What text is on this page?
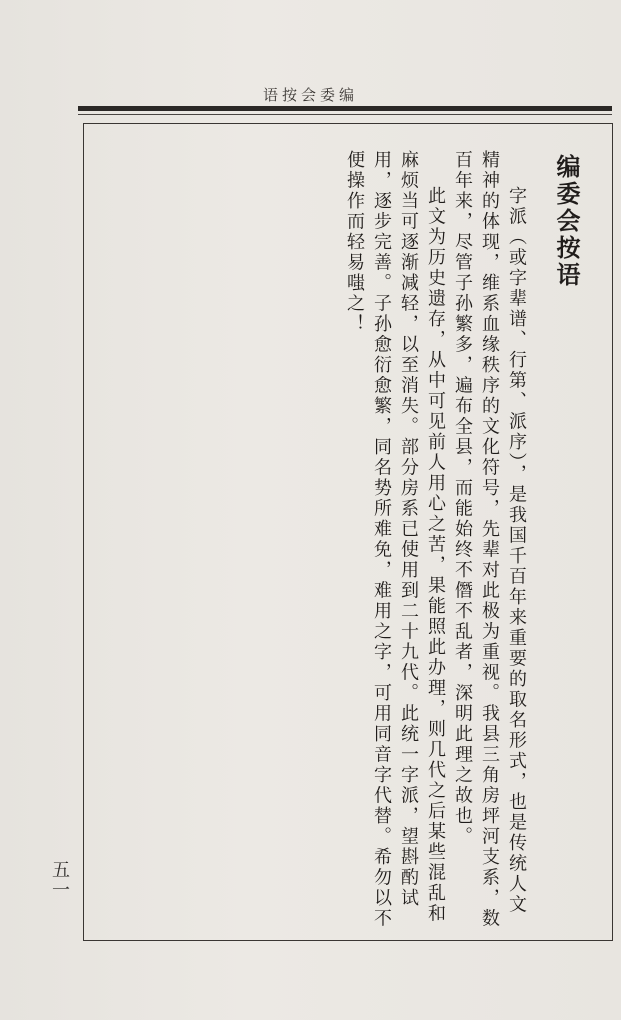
语按会委编
编委会按语
字派（或字辈谱、行第、派序），是我国千百年来重要的取名形式，也是传统人文精神的体现，维系血缘秩序的文化符号，先辈对此极为重视。我县三角房坪河支系，数百年来，尽管子孙繁多，遍布全县，而能始终不僭不乱者，深明此理之故也。
此文为历史遗存，从中可见前人用心之苦，果能照此办理，则几代之后某些混乱和麻烦当可逐渐减轻，以至消失。部分房系已使用到二十九代。此统一字派，望斟酌试用，逐步完善。子孙愈衍愈繁，同名势所难免，难用之字，可用同音字代替。希勿以不便操作而轻易嗤之！
五一
